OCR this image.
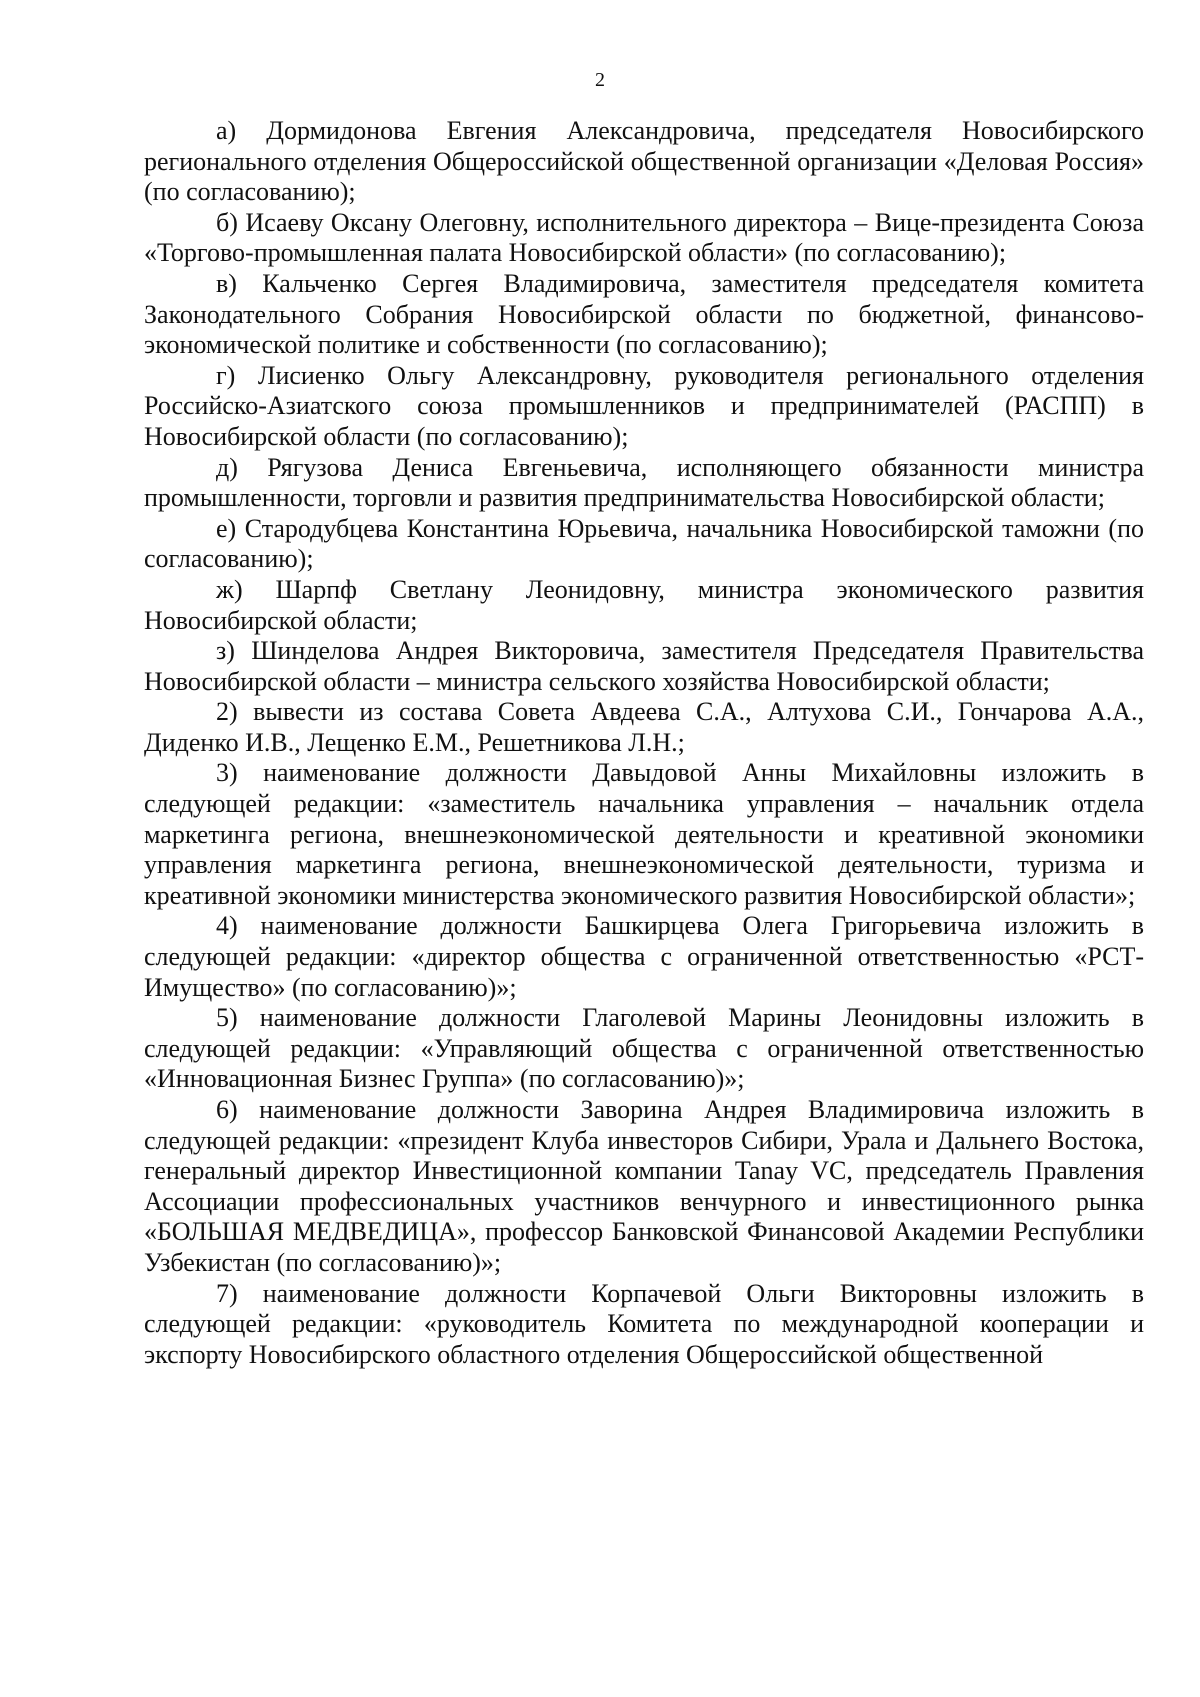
2

а) Дормидонова Евгения Александровича, председателя Новосибирского регионального отделения Общероссийской общественной организации «Деловая Россия» (по согласованию);

б) Исаеву Оксану Олеговну, исполнительного директора – Вице-президента Союза «Торгово-промышленная палата Новосибирской области» (по согласованию);

в) Кальченко Сергея Владимировича, заместителя председателя комитета Законодательного Собрания Новосибирской области по бюджетной, финансово-экономической политике и собственности (по согласованию);

г) Лисиенко Ольгу Александровну, руководителя регионального отделения Российско-Азиатского союза промышленников и предпринимателей (РАСПП) в Новосибирской области (по согласованию);

д) Рягузова Дениса Евгеньевича, исполняющего обязанности министра промышленности, торговли и развития предпринимательства Новосибирской области;

е) Стародубцева Константина Юрьевича, начальника Новосибирской таможни (по согласованию);

ж) Шарпф Светлану Леонидовну, министра экономического развития Новосибирской области;

з) Шинделова Андрея Викторовича, заместителя Председателя Правительства Новосибирской области – министра сельского хозяйства Новосибирской области;

2) вывести из состава Совета Авдеева С.А., Алтухова С.И., Гончарова А.А., Диденко И.В., Лещенко Е.М., Решетникова Л.Н.;

3) наименование должности Давыдовой Анны Михайловны изложить в следующей редакции: «заместитель начальника управления – начальник отдела маркетинга региона, внешнеэкономической деятельности и креативной экономики управления маркетинга региона, внешнеэкономической деятельности, туризма и креативной экономики министерства экономического развития Новосибирской области»;

4) наименование должности Башкирцева Олега Григорьевича изложить в следующей редакции: «директор общества с ограниченной ответственностью «РСТ-Имущество» (по согласованию)»;

5) наименование должности Глаголевой Марины Леонидовны изложить в следующей редакции: «Управляющий общества с ограниченной ответственностью «Инновационная Бизнес Группа» (по согласованию)»;

6) наименование должности Заворина Андрея Владимировича изложить в следующей редакции: «президент Клуба инвесторов Сибири, Урала и Дальнего Востока, генеральный директор Инвестиционной компании Tanay VC, председатель Правления Ассоциации профессиональных участников венчурного и инвестиционного рынка «БОЛЬШАЯ МЕДВЕДИЦА», профессор Банковской Финансовой Академии Республики Узбекистан (по согласованию)»;

7) наименование должности Корпачевой Ольги Викторовны изложить в следующей редакции: «руководитель Комитета по международной кооперации и экспорту Новосибирского областного отделения Общероссийской общественной
